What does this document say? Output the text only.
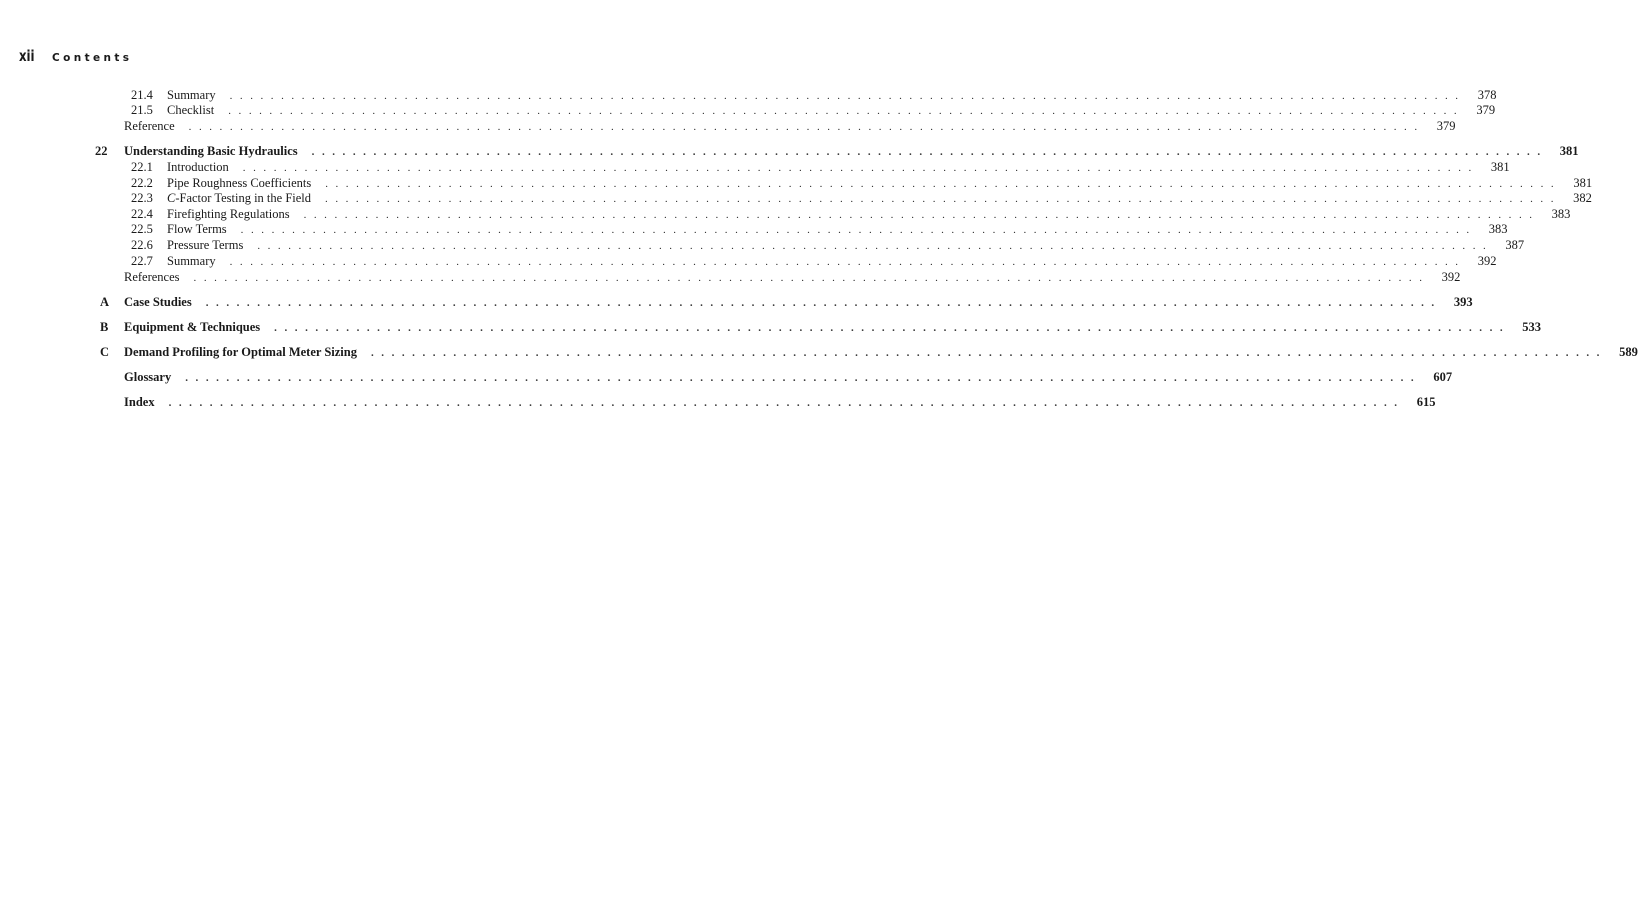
xii Contents
21.4 Summary . . . . . . . . . . . . . . . . . . . . . . . . . . . . . . . . . . . . . . . . . . . . . . . . . . . . . . . . . . . . . . . . . . . . . . . . . . . . . . . . . . . . . . . . . . . . . . . . . . . . . . . . . . . . . . . . . . . . . . . .	378
21.5 Checklist . . . . . . . . . . . . . . . . . . . . . . . . . . . . . . . . . . . . . . . . . . . . . . . . . . . . . . . . . . . . . . . . . . . . . . . . . . . . . . . . . . . . . . . . . . . . . . . . . . . . . . . . . . . . . . . . . . . . . . . .	379
Reference . . . . . . . . . . . . . . . . . . . . . . . . . . . . . . . . . . . . . . . . . . . . . . . . . . . . . . . . . . . . . . . . . . . . . . . . . . . . . . . . . . . . . . . . . . . . . . . . . . . . . . . . . . . . . . . . . . . . . . . .	379
22 Understanding Basic Hydraulics . . . . . . . . . . . . . . . . . . . . . . . . . . . . . . . . . . . . . . . . . . . . . . . . . . . . . . . . . . . . . . . . . . . . . . . . . . . . . . . . . . . . . . . . . . . . . . . . . . . . . . . . . . . . . . . . . . . . . . . .	381
22.1 Introduction . . . . . . . . . . . . . . . . . . . . . . . . . . . . . . . . . . . . . . . . . . . . . . . . . . . . . . . . . . . . . . . . . . . . . . . . . . . . . . . . . . . . . . . . . . . . . . . . . . . . . . . . . . . . . . . . . . . . . . . .	381
22.2 Pipe Roughness Coefficients . . . . . . . . . . . . . . . . . . . . . . . . . . . . . . . . . . . . . . . . . . . . . . . . . . . . . . . . . . . . . . . . . . . . . . . . . . . . . . . . . . . . . . . . . . . . . . . . . . . . . . . . . . . . . . . . . . . . . . . .	381
22.3 C-Factor Testing in the Field . . . . . . . . . . . . . . . . . . . . . . . . . . . . . . . . . . . . . . . . . . . . . . . . . . . . . . . . . . . . . . . . . . . . . . . . . . . . . . . . . . . . . . . . . . . . . . . . . . . . . . . . . . . . . . . . . . . . . . . .	382
22.4 Firefighting Regulations . . . . . . . . . . . . . . . . . . . . . . . . . . . . . . . . . . . . . . . . . . . . . . . . . . . . . . . . . . . . . . . . . . . . . . . . . . . . . . . . . . . . . . . . . . . . . . . . . . . . . . . . . . . . . . . . . . . . . . . .	383
22.5 Flow Terms . . . . . . . . . . . . . . . . . . . . . . . . . . . . . . . . . . . . . . . . . . . . . . . . . . . . . . . . . . . . . . . . . . . . . . . . . . . . . . . . . . . . . . . . . . . . . . . . . . . . . . . . . . . . . . . . . . . . . . . .	383
22.6 Pressure Terms . . . . . . . . . . . . . . . . . . . . . . . . . . . . . . . . . . . . . . . . . . . . . . . . . . . . . . . . . . . . . . . . . . . . . . . . . . . . . . . . . . . . . . . . . . . . . . . . . . . . . . . . . . . . . . . . . . . . . . . .	387
22.7 Summary . . . . . . . . . . . . . . . . . . . . . . . . . . . . . . . . . . . . . . . . . . . . . . . . . . . . . . . . . . . . . . . . . . . . . . . . . . . . . . . . . . . . . . . . . . . . . . . . . . . . . . . . . . . . . . . . . . . . . . . .	392
References . . . . . . . . . . . . . . . . . . . . . . . . . . . . . . . . . . . . . . . . . . . . . . . . . . . . . . . . . . . . . . . . . . . . . . . . . . . . . . . . . . . . . . . . . . . . . . . . . . . . . . . . . . . . . . . . . . . . . . . .	392
A Case Studies . . . . . . . . . . . . . . . . . . . . . . . . . . . . . . . . . . . . . . . . . . . . . . . . . . . . . . . . . . . . . . . . . . . . . . . . . . . . . . . . . . . . . . . . . . . . . . . . . . . . . . . . . . . . . . . . . . . . . . . .	393
B Equipment & Techniques . . . . . . . . . . . . . . . . . . . . . . . . . . . . . . . . . . . . . . . . . . . . . . . . . . . . . . . . . . . . . . . . . . . . . . . . . . . . . . . . . . . . . . . . . . . . . . . . . . . . . . . . . . . . . . . . . . . . . . . .	533
C Demand Profiling for Optimal Meter Sizing . . . . . . . . . . . . . . . . . . . . . . . . . . . . . . . . . . . . . . . . . . . . . . . . . . . . . . . . . . . . . . . . . . . . . . . . . . . . . . . . . . . . . . . . . . . . . . . . . . . . . . . . . . . . . . . . . . . . . . . .	589
Glossary . . . . . . . . . . . . . . . . . . . . . . . . . . . . . . . . . . . . . . . . . . . . . . . . . . . . . . . . . . . . . . . . . . . . . . . . . . . . . . . . . . . . . . . . . . . . . . . . . . . . . . . . . . . . . . . . . . . . . . . .	607
Index . . . . . . . . . . . . . . . . . . . . . . . . . . . . . . . . . . . . . . . . . . . . . . . . . . . . . . . . . . . . . . . . . . . . . . . . . . . . . . . . . . . . . . . . . . . . . . . . . . . . . . . . . . . . . . . . . . . . . . . .	615
